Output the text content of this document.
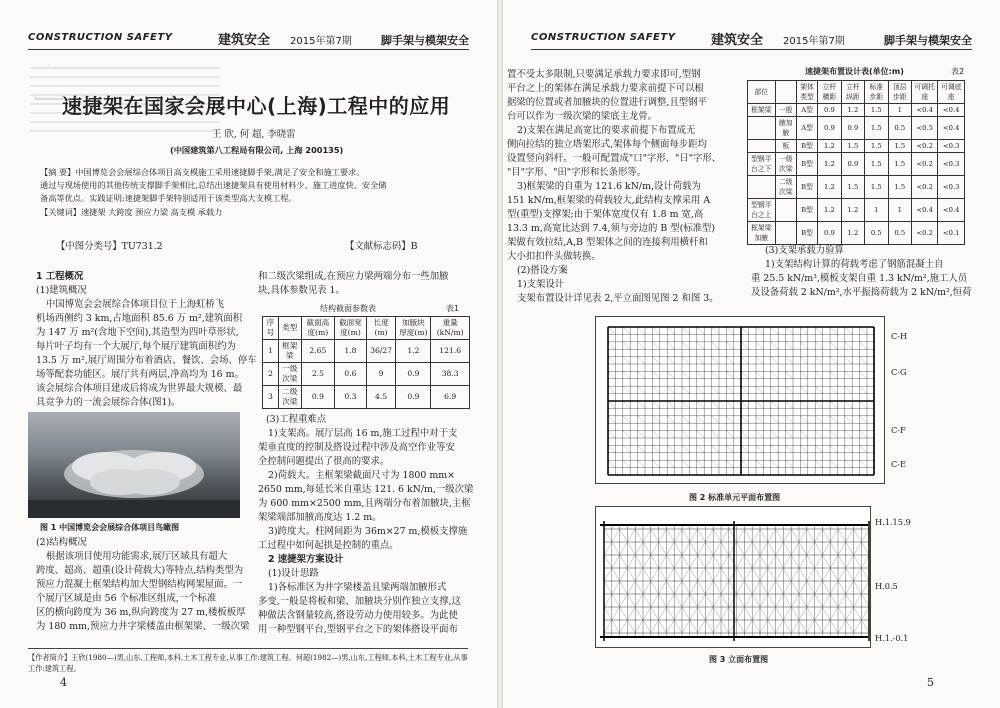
CONSTRUCTION SAFETY	建筑安全 2015年第7期	脚手架与模架安全
速捷架在国家会展中心(上海)工程中的应用
王 欣, 何 超, 李晓雷
(中国建筑第八工程局有限公司, 上海 200135)
【摘 要】中国博览会会展综合体项目高支模施工采用速捷脚手架,满足了安全和施工要求。
通过与现场使用的其他传统支撑脚手架相比,总结出速捷架具有使用材料少、施工进度快、安全储
备高等优点。实践证明:速捷架脚手架特别适用于该类型高大支模工程。
【关键词】速捷架 大跨度 预应力梁 高支模 承载力
【中图分类号】TU731.2	【文献标志码】B
1 工程概况
(1)建筑概况
中国博览会会展综合体项目位于上海虹桥飞
机场西侧约 3 km,占地面积 85.6 万 m²,建筑面积
为 147 万 m²(含地下空间),其造型为四叶草形状,
每片叶子均有一个大展厅,每个展厅建筑面积约为
13.5 万 m²,展厅周围分布着酒店、餐饮、会场、停车
场等配套功能区。展厅共有两层,净高均为 16 m。
该会展综合体项目建成后将成为世界最大规模、最
具竞争力的一流会展综合体(图1)。
图 1 中国博览会会展综合体项目鸟瞰图
(2)结构概况
根据该项目使用功能需求,展厅区域具有超大
跨度、超高、超重(设计荷载大)等特点,结构类型为
预应力混凝土框架结构加大型钢结构网架屋面。一
个展厅区域是由 56 个标准区组成,一个标准
区的横向跨度为 36 m,纵向跨度为 27 m,楼板板厚
为 180 mm,预应力井字梁楼盖由框架梁、一级次梁
和二级次梁组成,在预应力梁两端分布一些加腋
块,具体参数见表 1。
结构截面参数表	表1
序号	类型	截面高度(m)	截面宽度(m)	长度(m)	加腋块厚度(m)	重量(kN/m)
1	框架梁	2.65	1.8	36/27	1.2	121.6
2	一级次梁	2.5	0.6	9	0.9	38.3
3	二级次梁	0.9	0.3	4.5	0.9	6.9
(3)工程重难点
1)支架高。展厅层高 16 m,施工过程中对于支
架垂直度的控制及搭设过程中涉及高空作业等安
全控制问题提出了很高的要求。
2)荷载大。主框架梁截面尺寸为 1800 mm×
2650 mm,每延长米自重达 121. 6 kN/m,一级次梁
为 600 mm×2500 mm,且两端分布着加腋块,主框
架梁端部加腋高度达 1.2 m。
3)跨度大。柱网间距为 36m×27 m,模板支撑施
工过程中如何起拱是控制的重点。
2 速捷架方案设计
(1)设计思路
1)各标准区为井字梁楼盖且梁两端加腋形式
多变,一般是将板和梁、加腋块分别作独立支撑,这
种做法含钢量较高,搭设劳动力使用较多。为此使
用一种型钢平台,型钢平台之下的架体搭设平面布
【作者简介】王欣(1980—)男,山东,工程师,本科,土木工程专业,从事工作:建筑工程。何超(1982—)男,山东,工程师,本科,土木工程专业,从事工作:建筑工程。
4
CONSTRUCTION SAFETY	建筑安全 2015年第7期	脚手架与模架安全
置不受太多限制,只要满足承载力要求即可,型钢
平台之上的架体在满足承载力要求前提下可以根
据梁的位置或者加腋块的位置进行调整,且型钢平
台可以作为一级次梁的梁底主龙骨。
2)支架在满足高宽比的要求前提下布置成无
侧向拉结的独立塔架形式,架体每个侧面每步距均
设置竖向斜杆。一般可配置成"口"字形、"日"字形、
"目"字形、"田"字形和长条形等。
3)框架梁的自重为 121.6 kN/m,设计荷载为
151 kN/m,框架梁的荷载较大,此结构支撑采用 A
型(重型)支撑架;由于架体宽度仅有 1.8 m 宽,高
13.3 m,高宽比达到 7.4,须与旁边的 B 型(标准型)
架做有效拉结,A,B 型架体之间的连接利用横杆和
大小扣扣件头做转换。
(2)搭设方案
1)支架设计
支架布置设计详见表 2,平立面图见图 2 和图 3。
速捷架布置设计表(单位:m)	表2
部位		架体类型	立杆横距	立杆纵距	标准步距	顶层步距	可调托座	可调底座
框架梁	一般	A型	0.9	1.2	1.5	1	<0.4	<0.4
	腋加腋	A型	0.9	0.9	1.5	0.5	<0.5	<0.4
	板	B型	1.2	1.5	1.5	1.5	<0.2	<0.3
型钢平台之下	一级次梁	B型	1.2	0.9	1.5	1.5	<0.2	<0.3
	二级次梁	B型	1.2	1.5	1.5	1.5	<0.2	<0.3
型钢平台之上		B型	1.2	1.2	1	1	<0.4	<0.4
框架梁加腋		B型	0.9	1.2	0.5	0.5	<0.2	<0.1
(3)支架承载力验算
1)支架结构计算的荷载考虑了钢筋混凝土自
重 25.5 kN/m³,模板支架自重 1.3 kN/m²,施工人员
及设备荷载 2 kN/m²,水平振捣荷载为 2 kN/m²,恒荷
C-H
C-G
C-F
C-E
图 2 标准单元平面布置图
H.1.15.9
H.0.5
H.1.-0.1
图 3 立面布置图
5
